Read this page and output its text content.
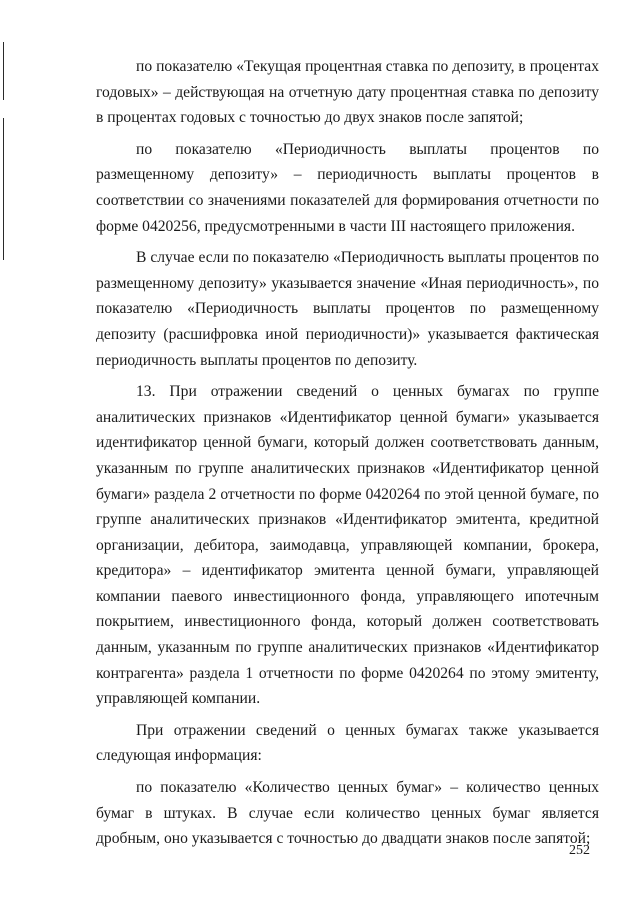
по показателю «Текущая процентная ставка по депозиту, в процентах годовых» – действующая на отчетную дату процентная ставка по депозиту в процентах годовых с точностью до двух знаков после запятой;

по показателю «Периодичность выплаты процентов по размещенному депозиту» – периодичность выплаты процентов в соответствии со значениями показателей для формирования отчетности по форме 0420256, предусмотренными в части III настоящего приложения.

В случае если по показателю «Периодичность выплаты процентов по размещенному депозиту» указывается значение «Иная периодичность», по показателю «Периодичность выплаты процентов по размещенному депозиту (расшифровка иной периодичности)» указывается фактическая периодичность выплаты процентов по депозиту.

13. При отражении сведений о ценных бумагах по группе аналитических признаков «Идентификатор ценной бумаги» указывается идентификатор ценной бумаги, который должен соответствовать данным, указанным по группе аналитических признаков «Идентификатор ценной бумаги» раздела 2 отчетности по форме 0420264 по этой ценной бумаге, по группе аналитических признаков «Идентификатор эмитента, кредитной организации, дебитора, заимодавца, управляющей компании, брокера, кредитора» – идентификатор эмитента ценной бумаги, управляющей компании паевого инвестиционного фонда, управляющего ипотечным покрытием, инвестиционного фонда, который должен соответствовать данным, указанным по группе аналитических признаков «Идентификатор контрагента» раздела 1 отчетности по форме 0420264 по этому эмитенту, управляющей компании.

При отражении сведений о ценных бумагах также указывается следующая информация:

по показателю «Количество ценных бумаг» – количество ценных бумаг в штуках. В случае если количество ценных бумаг является дробным, оно указывается с точностью до двадцати знаков после запятой;

252
